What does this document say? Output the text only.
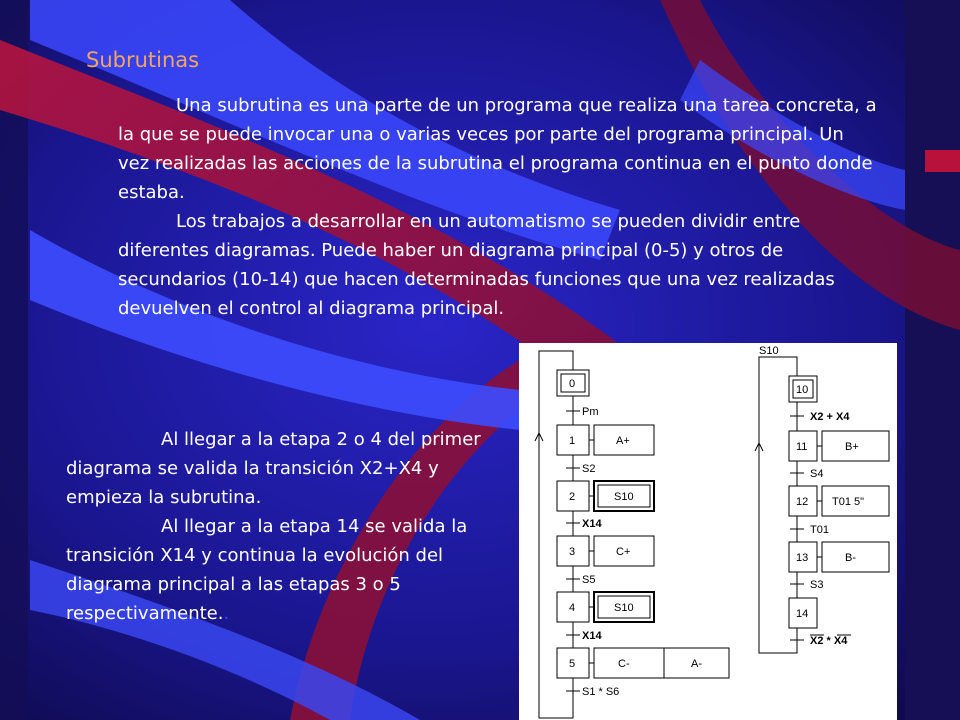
Subrutinas
Una subrutina es una parte de un programa que realiza una tarea concreta, a la que se puede invocar una o varias veces por parte del programa principal. Un vez realizadas las acciones de la subrutina el programa continua en el punto donde estaba.
Los trabajos a desarrollar en un automatismo se pueden dividir entre diferentes diagramas. Puede haber un diagrama principal (0-5) y otros de secundarios (10-14) que hacen determinadas funciones que una vez realizadas devuelven el control al diagrama principal.
Al llegar a la etapa 2 o 4 del primer diagrama se valida la transición X2+X4 y empieza la subrutina.
Al llegar a la etapa 14 se valida la transición X14 y continua la evolución del diagrama principal a las etapas 3 o 5 respectivamente..
0
1
2
3
4
5
Pm
S2
X14
S5
X14
S1 * S6
A+
S10
C+
S10
C-	A-
S10
10
11
12
13
14
X2 + X4
S4
T01
S3
X2 * X4
B+
T01 5"
B-
